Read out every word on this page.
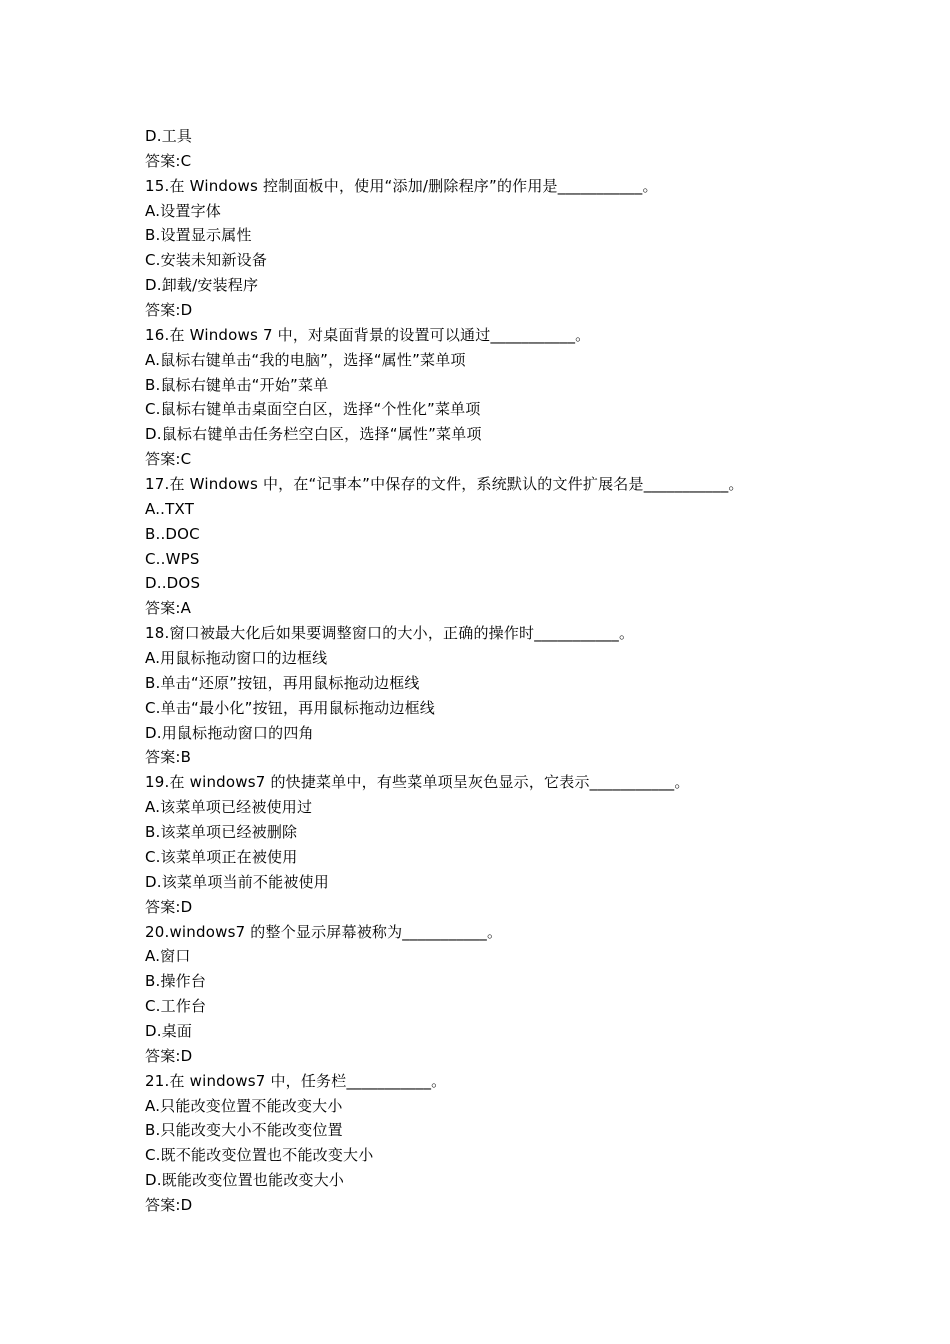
D.工具
答案:C
15.在 Windows 控制面板中，使用“添加/删除程序”的作用是___________。
A.设置字体
B.设置显示属性
C.安装未知新设备
D.卸载/安装程序
答案:D
16.在 Windows 7 中，对桌面背景的设置可以通过___________。
A.鼠标右键单击“我的电脑”，选择“属性”菜单项
B.鼠标右键单击“开始”菜单
C.鼠标右键单击桌面空白区，选择“个性化”菜单项
D.鼠标右键单击任务栏空白区，选择“属性”菜单项
答案:C
17.在 Windows 中，在“记事本”中保存的文件，系统默认的文件扩展名是___________。
A..TXT
B..DOC
C..WPS
D..DOS
答案:A
18.窗口被最大化后如果要调整窗口的大小，正确的操作时___________。
A.用鼠标拖动窗口的边框线
B.单击“还原”按钮，再用鼠标拖动边框线
C.单击“最小化”按钮，再用鼠标拖动边框线
D.用鼠标拖动窗口的四角
答案:B
19.在 windows7 的快捷菜单中，有些菜单项呈灰色显示，它表示___________。
A.该菜单项已经被使用过
B.该菜单项已经被删除
C.该菜单项正在被使用
D.该菜单项当前不能被使用
答案:D
20.windows7 的整个显示屏幕被称为___________。
A.窗口
B.操作台
C.工作台
D.桌面
答案:D
21.在 windows7 中，任务栏___________。
A.只能改变位置不能改变大小
B.只能改变大小不能改变位置
C.既不能改变位置也不能改变大小
D.既能改变位置也能改变大小
答案:D
